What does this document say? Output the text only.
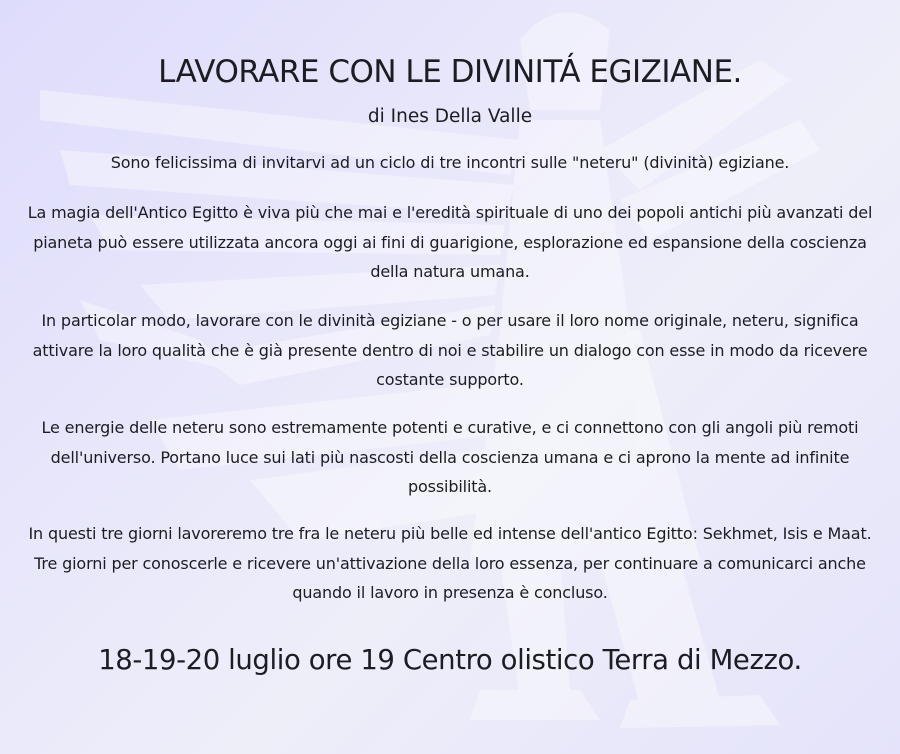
LAVORARE CON LE DIVINITÁ EGIZIANE.

di Ines Della Valle

Sono felicissima di invitarvi ad un ciclo di tre incontri sulle "neteru" (divinità) egiziane.

La magia dell'Antico Egitto è viva più che mai e l'eredità spirituale di uno dei popoli antichi più avanzati del pianeta può essere utilizzata ancora oggi ai fini di guarigione, esplorazione ed espansione della coscienza della natura umana.

In particolar modo, lavorare con le divinità egiziane - o per usare il loro nome originale, neteru, significa attivare la loro qualità che è già presente dentro di noi e stabilire un dialogo con esse in modo da ricevere costante supporto.

Le energie delle neteru sono estremamente potenti e curative, e ci connettono con gli angoli più remoti dell'universo. Portano luce sui lati più nascosti della coscienza umana e ci aprono la mente ad infinite possibilità.

In questi tre giorni lavoreremo tre fra le neteru più belle ed intense dell'antico Egitto: Sekhmet, Isis e Maat. Tre giorni per conoscerle e ricevere un'attivazione della loro essenza, per continuare a comunicarci anche quando il lavoro in presenza è concluso.

18-19-20 luglio ore 19 Centro olistico Terra di Mezzo.
